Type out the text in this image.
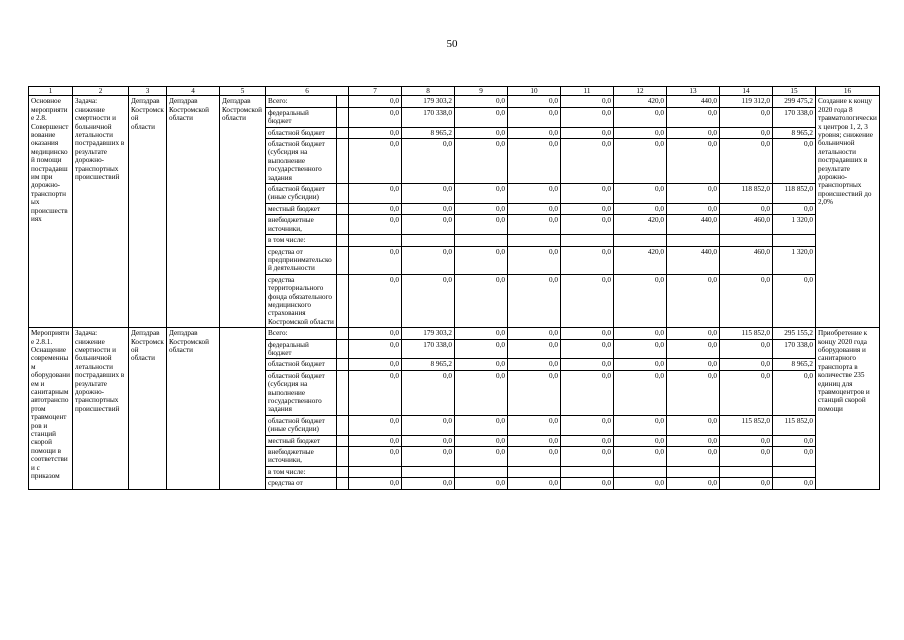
50
1	2	3	4	5	6		7	8	9	10	11	12	13	14	15	16
Основное мероприятие 2.8. Совершенствование оказания медицинской помощи пострадавшим при дорожно-транспортных происшествиях	Задача: снижение смертности и больничной летальности пострадавших в результате дорожно-транспортных происшествий	Депздрав Костромской области	Депздрав Костромской области	Депздрав Костромской области	Всего:		0,0	179 303,2	0,0	0,0	0,0	420,0	440,0	119 312,0	299 475,2	Создание к концу 2020 года 8 травматологических центров 1, 2, 3 уровня; снижение больничной летальности пострадавших в результате дорожно-транспортных происшествий до 2,0%
					федеральный бюджет		0,0	170 338,0	0,0	0,0	0,0	0,0	0,0	0,0	170 338,0	
					областной бюджет		0,0	8 965,2	0,0	0,0	0,0	0,0	0,0	0,0	8 965,2	
					областной бюджет (субсидия на выполнение государственного задания		0,0	0,0	0,0	0,0	0,0	0,0	0,0	0,0	0,0	
					областной бюджет (иные субсидии)		0,0	0,0	0,0	0,0	0,0	0,0	0,0	118 852,0	118 852,0	
					местный бюджет		0,0	0,0	0,0	0,0	0,0	0,0	0,0	0,0	0,0	
					внебюджетные источники,		0,0	0,0	0,0	0,0	0,0	420,0	440,0	460,0	1 320,0	
					в том числе:											
					средства от предпринимательской деятельности		0,0	0,0	0,0	0,0	0,0	420,0	440,0	460,0	1 320,0	
					средства территориального фонда обязательного медицинского страхования Костромской области		0,0	0,0	0,0	0,0	0,0	0,0	0,0	0,0	0,0	
Мероприятие 2.8.1. Оснащение современным оборудованием и санитарным автотранспортом травмоцентров и станций скорой помощи в соответствии с приказом	Задача: снижение смертности и больничной летальности пострадавших в результате дорожно-транспортных происшествий	Депздрав Костромской области	Депздрав Костромской области		Всего:		0,0	179 303,2	0,0	0,0	0,0	0,0	0,0	115 852,0	295 155,2	Приобретение к концу 2020 года оборудования и санитарного транспорта в количестве 235 единиц для травмоцентров и станций скорой помощи
					федеральный бюджет		0,0	170 338,0	0,0	0,0	0,0	0,0	0,0	0,0	170 338,0	
					областной бюджет		0,0	8 965,2	0,0	0,0	0,0	0,0	0,0	0,0	8 965,2	
					областной бюджет (субсидия на выполнение государственного задания		0,0	0,0	0,0	0,0	0,0	0,0	0,0	0,0	0,0	
					областной бюджет (иные субсидии)		0,0	0,0	0,0	0,0	0,0	0,0	0,0	115 852,0	115 852,0	
					местный бюджет		0,0	0,0	0,0	0,0	0,0	0,0	0,0	0,0	0,0	
					внебюджетные источники,		0,0	0,0	0,0	0,0	0,0	0,0	0,0	0,0	0,0	
					в том числе:											
					средства от		0,0	0,0	0,0	0,0	0,0	0,0	0,0	0,0	0,0	
